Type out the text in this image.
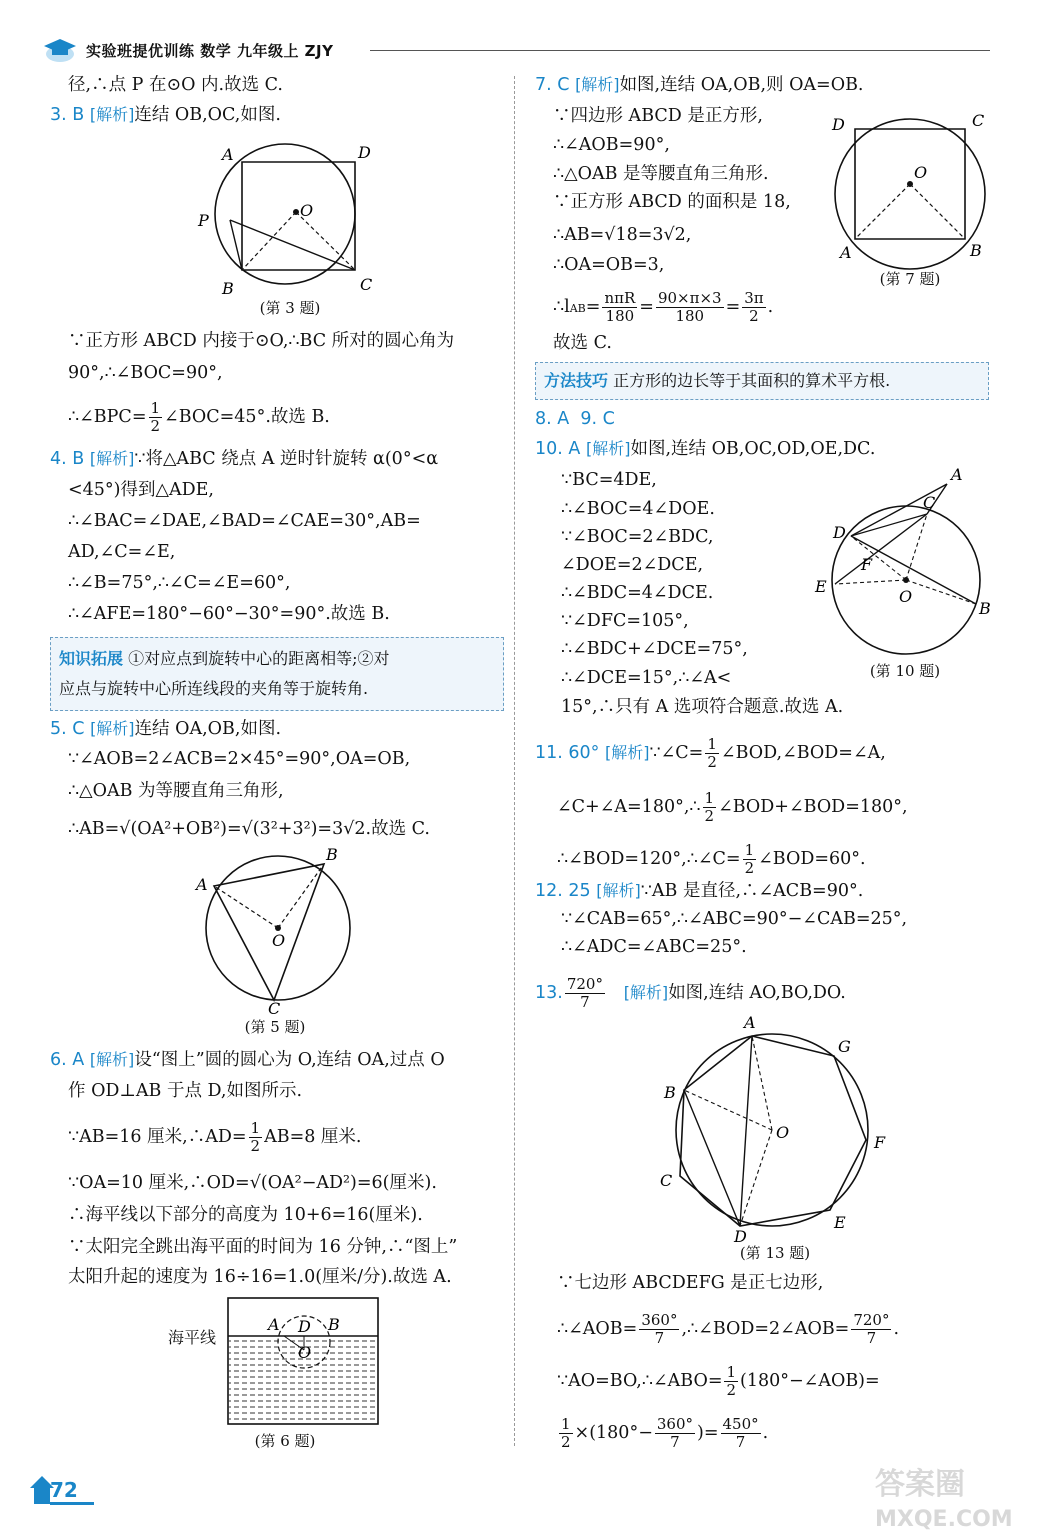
实验班提优训练 数学 九年级上 ZJY
径,∴点 P 在⊙O 内.故选 C.
3. B [解析]连结 OB,OC,如图.
A	D
O
P
B	C
(第 3 题)
∵正方形 ABCD 内接于⊙O,∴BC 所对的圆心角为
90°,∴∠BOC=90°,
∴∠BPC= $\frac{1}{2}$ ∠BOC=45°.故选 B.
4. B [解析]∵将△ABC 绕点 A 逆时针旋转 α(0°<α
<45°)得到△ADE,
∴∠BAC=∠DAE,∠BAD=∠CAE=30°,AB=
AD,∠C=∠E,
∴∠B=75°,∴∠C=∠E=60°,
∴∠AFE=180°−60°−30°=90°.故选 B.
知识拓展 ①对应点到旋转中心的距离相等;②对
应点与旋转中心所连线段的夹角等于旋转角.
5. C [解析]连结 OA,OB,如图.
∵∠AOB=2∠ACB=2×45°=90°,OA=OB,
∴△OAB 为等腰直角三角形,
∴AB=√(OA²+OB²)=√(3²+3²)=3√2.故选 C.
A
B
O
C
(第 5 题)
6. A [解析]设“图上”圆的圆心为 O,连结 OA,过点 O
作 OD⊥AB 于点 D,如图所示.
∵AB=16 厘米,∴AD= $\frac{1}{2} AB=8$ 厘米.
∵OA=10 厘米,∴OD=√(OA²−AD²)=6(厘米).
∴海平线以下部分的高度为 10+6=16(厘米).
∵太阳完全跳出海平面的时间为 16 分钟,∴“图上”
太阳升起的速度为 16÷16=1.0(厘米/分).故选 A.
海平线
A D B
O
(第 6 题)
7. C [解析]如图,连结 OA,OB,则 OA=OB.
∵四边形 ABCD 是正方形,
∴∠AOB=90°,
∴△OAB 是等腰直角三角形.
∵正方形 ABCD 的面积是 18,
∴AB=√18=3√2,
∴OA=OB=3,
∴lAB= nπR
$180 = \frac{90\times\pi\times 3}{180} = \frac{3\pi}{2}$ .
故选 C.
D	C
O
A	B
(第 7 题)
方法技巧 正方形的边长等于其面积的算术平方根.
8. A 9. C
10. A [解析]如图,连结 OB,OC,OD,OE,DC.
∵BC=4DE,
∴∠BOC=4∠DOE.
∵∠BOC=2∠BDC,
∠DOE=2∠DCE,
∴∠BDC=4∠DCE.
∵∠DFC=105°,
∴∠BDC+∠DCE=75°,
∴∠DCE=15°,∴∠A<
15°,∴只有 A 选项符合题意.故选 A.
A
C
D
F
E
O
B
(第 10 题)
11. 60° [解析]∵∠C= $\frac{1}{2}$ ∠BOD,∠BOD=∠A,
∠C+∠A=180°,∴ $\frac{1}{2}$ ∠BOD+∠BOD=180°,
∴∠BOD=120°,∴∠C= $\frac{1}{2}$ ∠BOD=60°.
12. 25 [解析]∵AB 是直径,∴∠ACB=90°.
∵∠CAB=65°,∴∠ABC=90°−∠CAB=25°,
∴∠ADC=∠ABC=25°.
13. $\frac{720^\circ}{7}$ [解析]如图,连结 AO,BO,DO.
A
G
B
O
F
C
E
D
(第 13 题)
∵七边形 ABCDEFG 是正七边形,
∴∠AOB= $\frac{360^\circ}{7}$ ,∴∠BOD=2∠AOB= $\frac{720^\circ}{7}$ .
∵AO=BO,∴∠ABO= $\frac{1}{2}$ (180°−∠AOB)=
$\frac{1}{2} \times(180^\circ- \frac{360^\circ}{7}$ )= $\frac{450^\circ}{7}$ .
72	答案圈
MXQE.COM
